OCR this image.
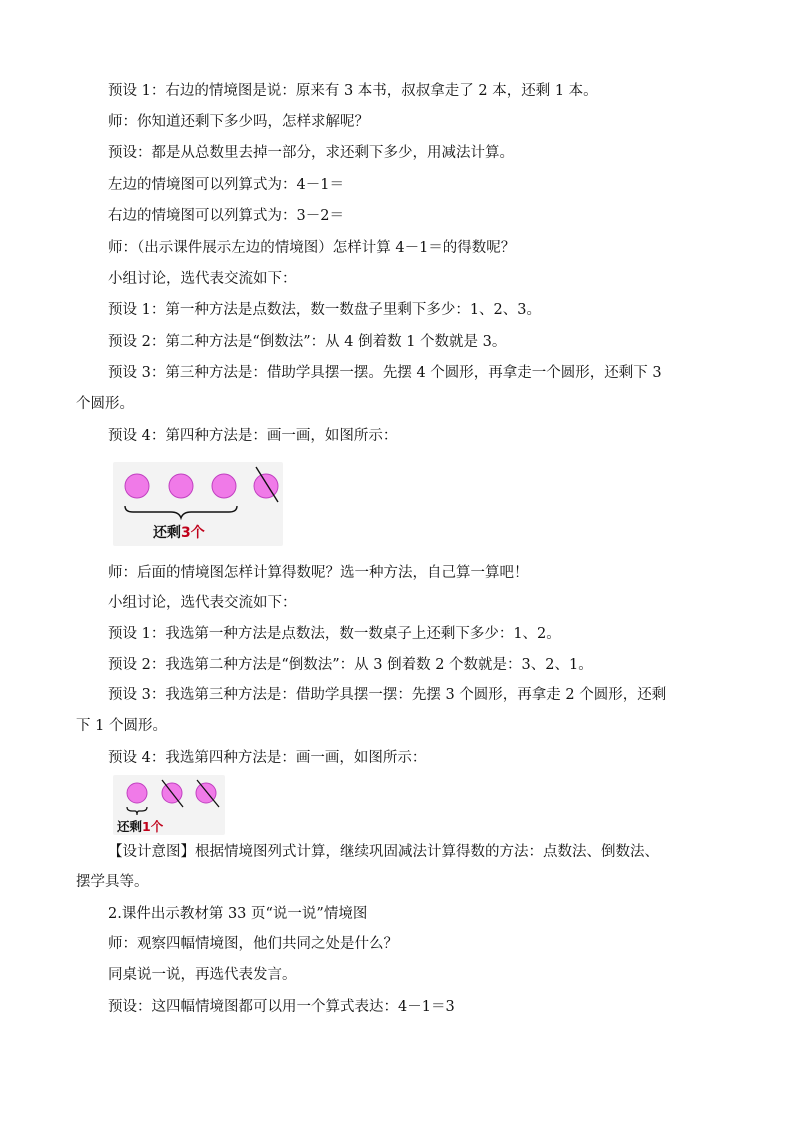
预设 1：右边的情境图是说：原来有 3 本书，叔叔拿走了 2 本，还剩 1 本。
师：你知道还剩下多少吗，怎样求解呢？
预设：都是从总数里去掉一部分，求还剩下多少，用减法计算。
左边的情境图可以列算式为：4－1＝
右边的情境图可以列算式为：3－2＝
师：（出示课件展示左边的情境图）怎样计算 4－1＝的得数呢？
小组讨论，选代表交流如下：
预设 1：第一种方法是点数法，数一数盘子里剩下多少：1、2、3。
预设 2：第二种方法是“倒数法”：从 4 倒着数 1 个数就是 3。
预设 3：第三种方法是：借助学具摆一摆。先摆 4 个圆形，再拿走一个圆形，还剩下 3
个圆形。
预设 4：第四种方法是：画一画，如图所示：
还剩3个
师：后面的情境图怎样计算得数呢？选一种方法，自己算一算吧！
小组讨论，选代表交流如下：
预设 1：我选第一种方法是点数法，数一数桌子上还剩下多少：1、2。
预设 2：我选第二种方法是“倒数法”：从 3 倒着数 2 个数就是：3、2、1。
预设 3：我选第三种方法是：借助学具摆一摆：先摆 3 个圆形，再拿走 2 个圆形，还剩
下 1 个圆形。
预设 4：我选第四种方法是：画一画，如图所示：
还剩1个
【设计意图】根据情境图列式计算，继续巩固减法计算得数的方法：点数法、倒数法、
摆学具等。
2.课件出示教材第 33 页“说一说”情境图
师：观察四幅情境图，他们共同之处是什么？
同桌说一说，再选代表发言。
预设：这四幅情境图都可以用一个算式表达：4－1＝3
